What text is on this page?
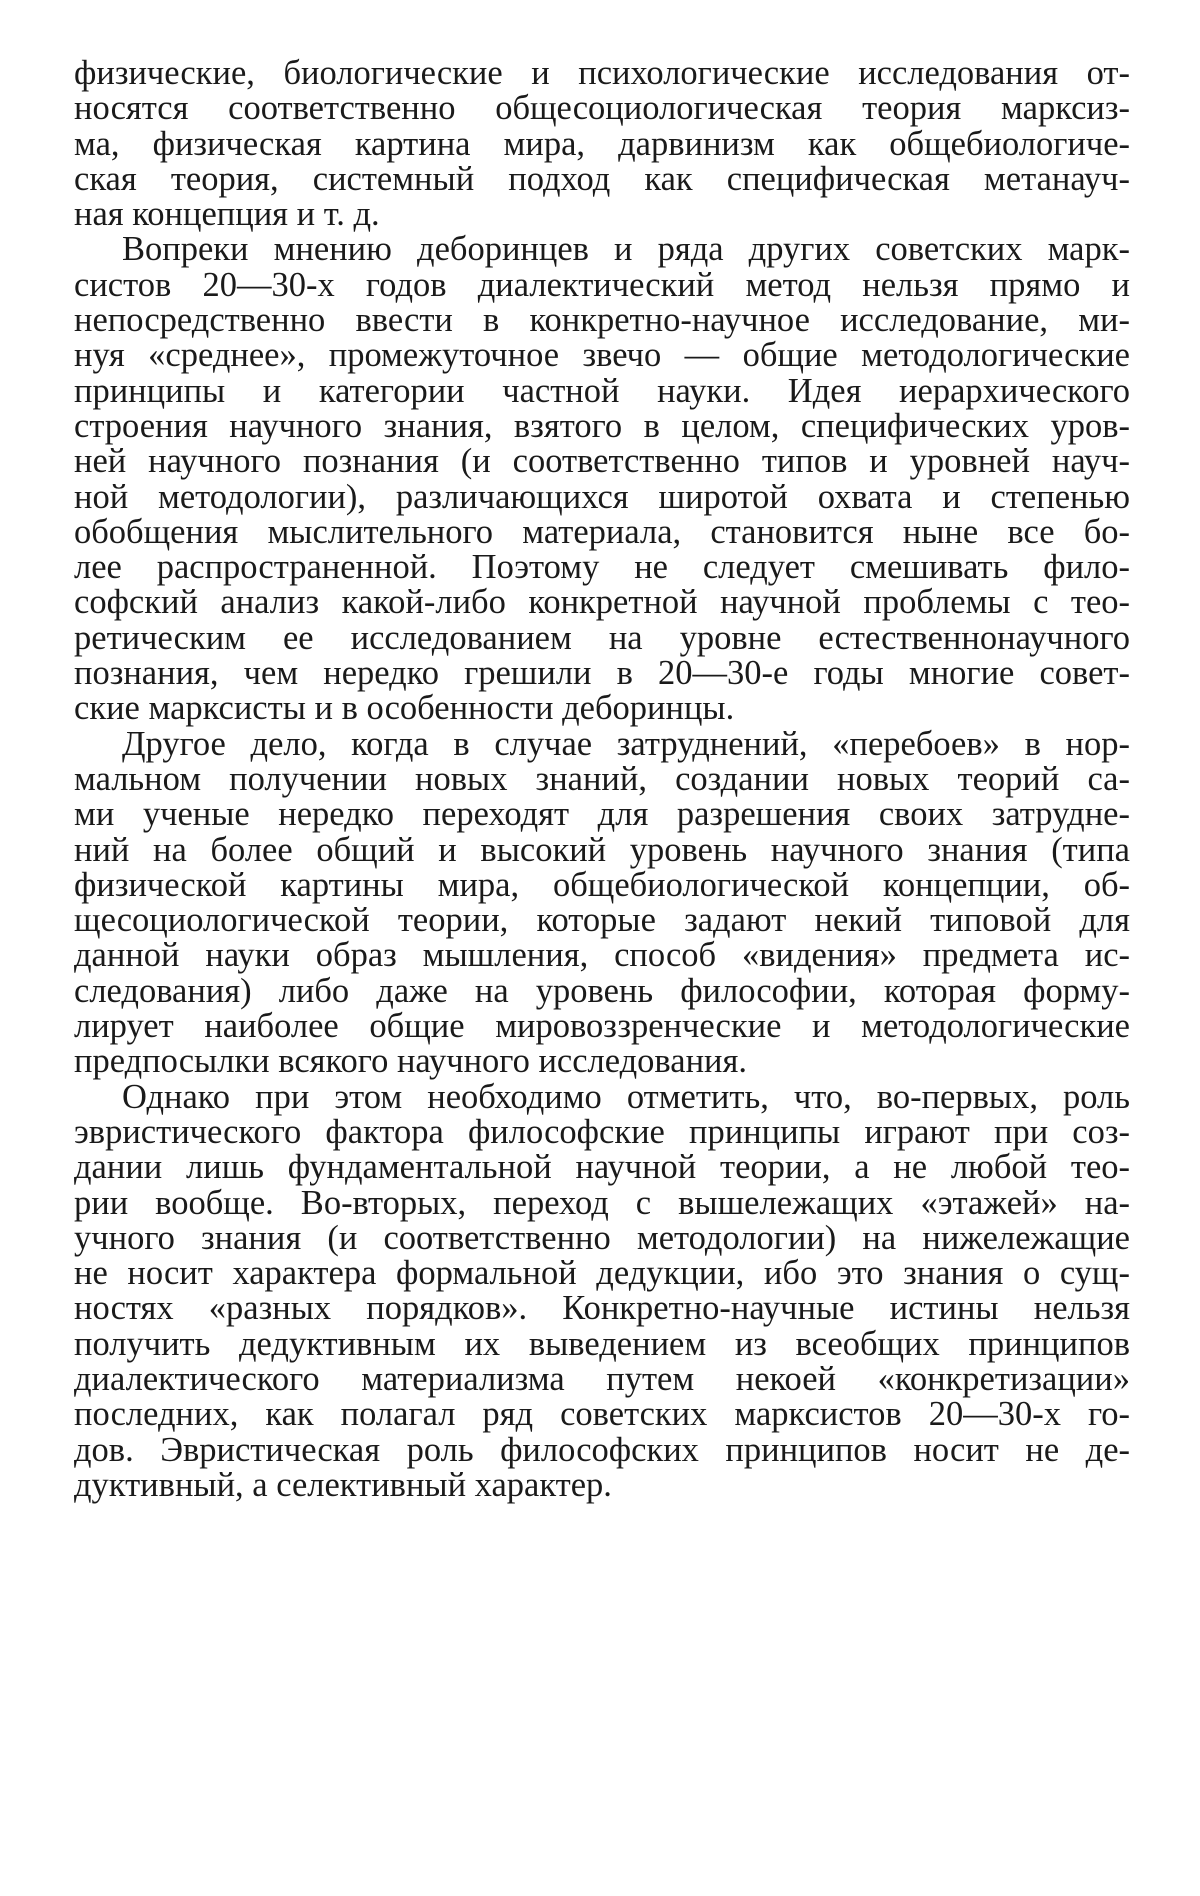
физические, биологические и психологические исследования от-
носятся соответственно общесоциологическая теория марксиз-
ма, физическая картина мира, дарвинизм как общебиологиче-
ская теория, системный подход как специфическая метанауч-
ная концепция и т. д.
Вопреки мнению деборинцев и ряда других советских марк-
систов 20—30-х годов диалектический метод нельзя прямо и
непосредственно ввести в конкретно-научное исследование, ми-
нуя «среднее», промежуточное звечо — общие методологические
принципы и категории частной науки. Идея иерархического
строения научного знания, взятого в целом, специфических уров-
ней научного познания (и соответственно типов и уровней науч-
ной методологии), различающихся широтой охвата и степенью
обобщения мыслительного материала, становится ныне все бо-
лее распространенной. Поэтому не следует смешивать фило-
софский анализ какой-либо конкретной научной проблемы с тео-
ретическим ее исследованием на уровне естественнонаучного
познания, чем нередко грешили в 20—30-е годы многие совет-
ские марксисты и в особенности деборинцы.
Другое дело, когда в случае затруднений, «перебоев» в нор-
мальном получении новых знаний, создании новых теорий са-
ми ученые нередко переходят для разрешения своих затрудне-
ний на более общий и высокий уровень научного знания (типа
физической картины мира, общебиологической концепции, об-
щесоциологической теории, которые задают некий типовой для
данной науки образ мышления, способ «видения» предмета ис-
следования) либо даже на уровень философии, которая форму-
лирует наиболее общие мировоззренческие и методологические
предпосылки всякого научного исследования.
Однако при этом необходимо отметить, что, во-первых, роль
эвристического фактора философские принципы играют при соз-
дании лишь фундаментальной научной теории, а не любой тео-
рии вообще. Во-вторых, переход с вышележащих «этажей» на-
учного знания (и соответственно методологии) на нижележащие
не носит характера формальной дедукции, ибо это знания о сущ-
ностях «разных порядков». Конкретно-научные истины нельзя
получить дедуктивным их выведением из всеобщих принципов
диалектического материализма путем некоей «конкретизации»
последних, как полагал ряд советских марксистов 20—30-х го-
дов. Эвристическая роль философских принципов носит не де-
дуктивный, а селективный характер.
